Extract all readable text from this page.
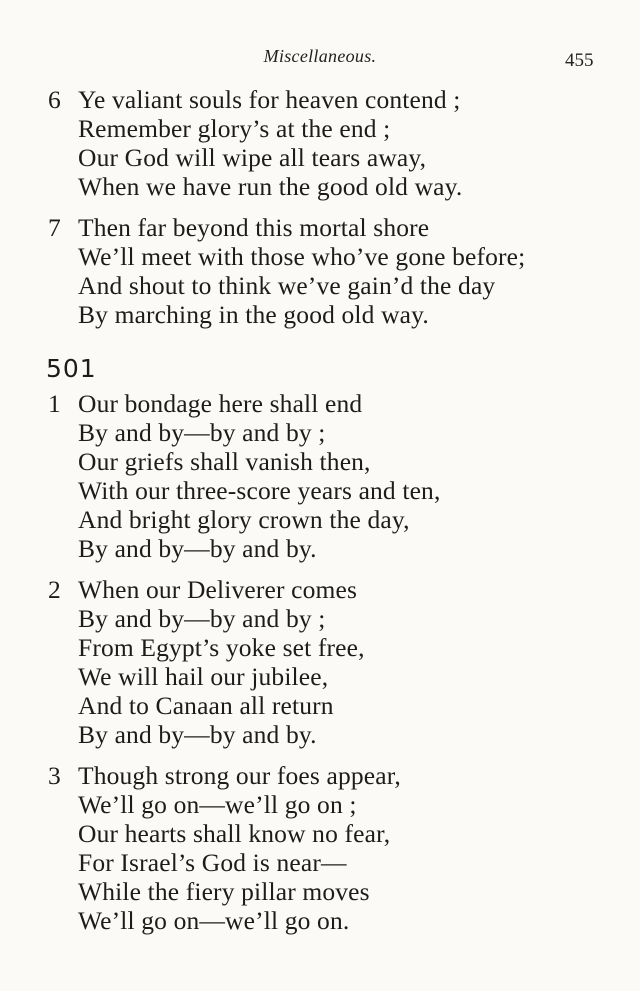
Miscellaneous.	455
6 Ye valiant souls for heaven contend ;
Remember glory’s at the end ;
Our God will wipe all tears away,
When we have run the good old way.
7 Then far beyond this mortal shore
We’ll meet with those who’ve gone before;
And shout to think we’ve gain’d the day
By marching in the good old way.
501
1 Our bondage here shall end
By and by—by and by ;
Our griefs shall vanish then,
With our three-score years and ten,
And bright glory crown the day,
By and by—by and by.
2 When our Deliverer comes
By and by—by and by ;
From Egypt’s yoke set free,
We will hail our jubilee,
And to Canaan all return
By and by—by and by.
3 Though strong our foes appear,
We’ll go on—we’ll go on ;
Our hearts shall know no fear,
For Israel’s God is near—
While the fiery pillar moves
We’ll go on—we’ll go on.
